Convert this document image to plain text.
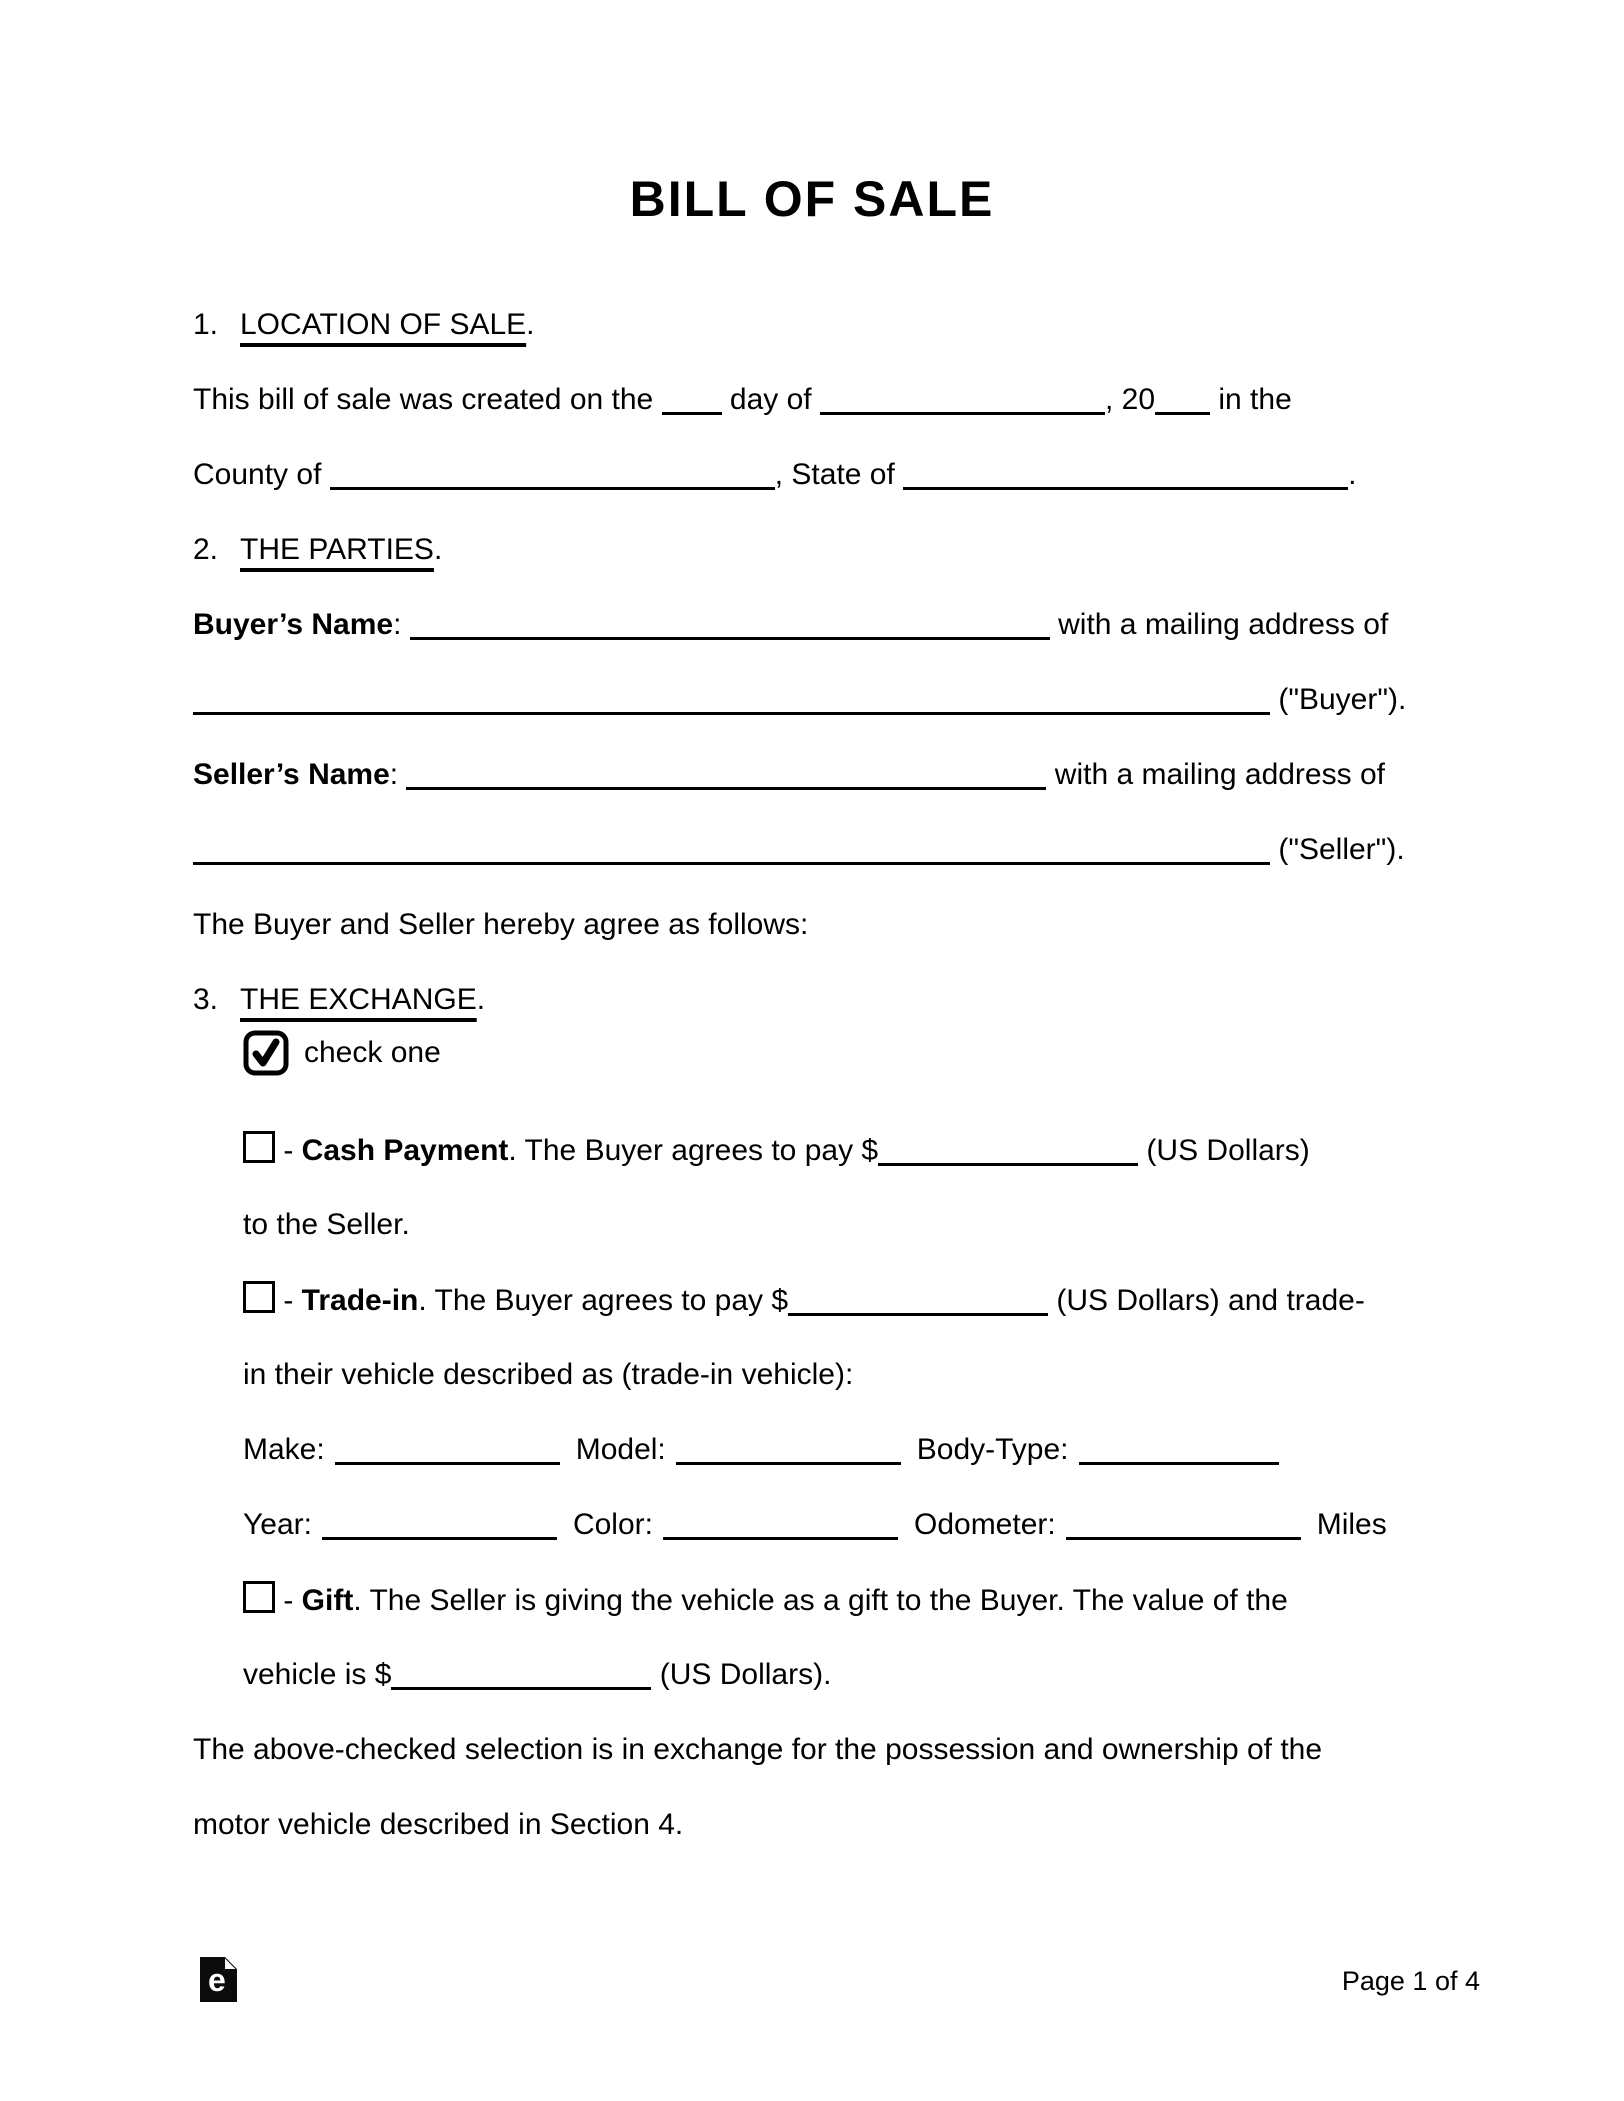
BILL OF SALE
1. LOCATION OF SALE.
This bill of sale was created on the  day of	, 20 in the
County of	, State of	.
2. THE PARTIES.
Buyer’s Name:	with a mailing address of
("Buyer").
Seller’s Name:	with a mailing address of
("Seller").
The Buyer and Seller hereby agree as follows:
3. THE EXCHANGE.
check one
- Cash Payment. The Buyer agrees to pay $	(US Dollars)
to the Seller.
- Trade-in. The Buyer agrees to pay $	(US Dollars) and trade-
in their vehicle described as (trade-in vehicle):
Make:	Model:	Body-Type:
Year:	Color:	Odometer:	Miles
- Gift. The Seller is giving the vehicle as a gift to the Buyer. The value of the
vehicle is $	(US Dollars).
The above-checked selection is in exchange for the possession and ownership of the
motor vehicle described in Section 4.
e	Page 1 of 4
